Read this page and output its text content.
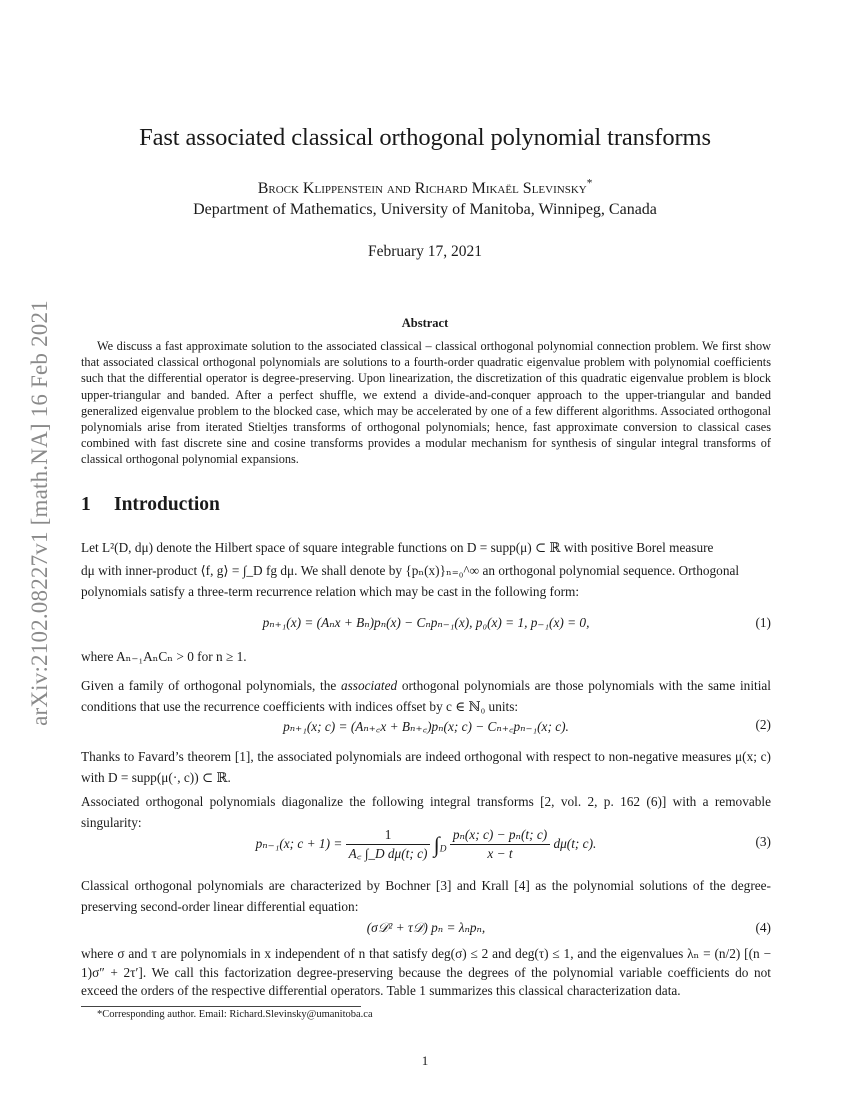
arXiv:2102.08227v1 [math.NA] 16 Feb 2021
Fast associated classical orthogonal polynomial transforms
Brock Klippenstein and Richard Mikaël Slevinsky*
Department of Mathematics, University of Manitoba, Winnipeg, Canada
February 17, 2021
Abstract
We discuss a fast approximate solution to the associated classical – classical orthogonal polynomial connection problem. We first show that associated classical orthogonal polynomials are solutions to a fourth-order quadratic eigenvalue problem with polynomial coefficients such that the differential operator is degree-preserving. Upon linearization, the discretization of this quadratic eigenvalue problem is block upper-triangular and banded. After a perfect shuffle, we extend a divide-and-conquer approach to the upper-triangular and banded generalized eigenvalue problem to the blocked case, which may be accelerated by one of a few different algorithms. Associated orthogonal polynomials arise from iterated Stieltjes transforms of orthogonal polynomials; hence, fast approximate conversion to classical cases combined with fast discrete sine and cosine transforms provides a modular mechanism for synthesis of singular integral transforms of classical orthogonal polynomial expansions.
1 Introduction
Let L²(D, dμ) denote the Hilbert space of square integrable functions on D = supp(μ) ⊂ ℝ with positive Borel measure
dμ with inner-product ⟨f, g⟩ = ∫_D fg dμ. We shall denote by {pₙ(x)}ₙ₌₀^∞ an orthogonal polynomial sequence. Orthogonal
polynomials satisfy a three-term recurrence relation which may be cast in the following form:
pₙ₊₁(x) = (Aₙx + Bₙ)pₙ(x) − Cₙpₙ₋₁(x), p₀(x) = 1, p₋₁(x) = 0,	(1)
where Aₙ₋₁AₙCₙ > 0 for n ≥ 1.
Given a family of orthogonal polynomials, the associated orthogonal polynomials are those polynomials with the same initial conditions that use the recurrence coefficients with indices offset by c ∈ ℕ₀ units:
pₙ₊₁(x; c) = (Aₙ₊꜀x + Bₙ₊꜀)pₙ(x; c) − Cₙ₊꜀pₙ₋₁(x; c).	(2)
Thanks to Favard’s theorem [1], the associated polynomials are indeed orthogonal with respect to non-negative measures μ(x; c) with D = supp(μ(·, c)) ⊂ ℝ.
Associated orthogonal polynomials diagonalize the following integral transforms [2, vol. 2, p. 162 (6)] with a removable singularity:
pₙ₋₁(x; $c + 1) = \frac{1}{\text{A꜀ ∫\_D dμ(t; c)}} \int_D \frac{\text{pₙ(x; c) − pₙ(t; c)}}{x - t} d\mu(t$; c).	(3)
Classical orthogonal polynomials are characterized by Bochner [3] and Krall [4] as the polynomial solutions of the degree-preserving second-order linear differential equation:
(σ𝒟² + τ𝒟) pₙ = λₙpₙ,	(4)
where σ and τ are polynomials in x independent of n that satisfy deg(σ) ≤ 2 and deg(τ) ≤ 1, and the eigenvalues λₙ = (n/2) [(n − 1)σ″ + 2τ′]. We call this factorization degree-preserving because the degrees of the polynomial variable coefficients do not exceed the orders of the respective differential operators. Table 1 summarizes this classical characterization data.
*Corresponding author. Email: Richard.Slevinsky@umanitoba.ca
1
